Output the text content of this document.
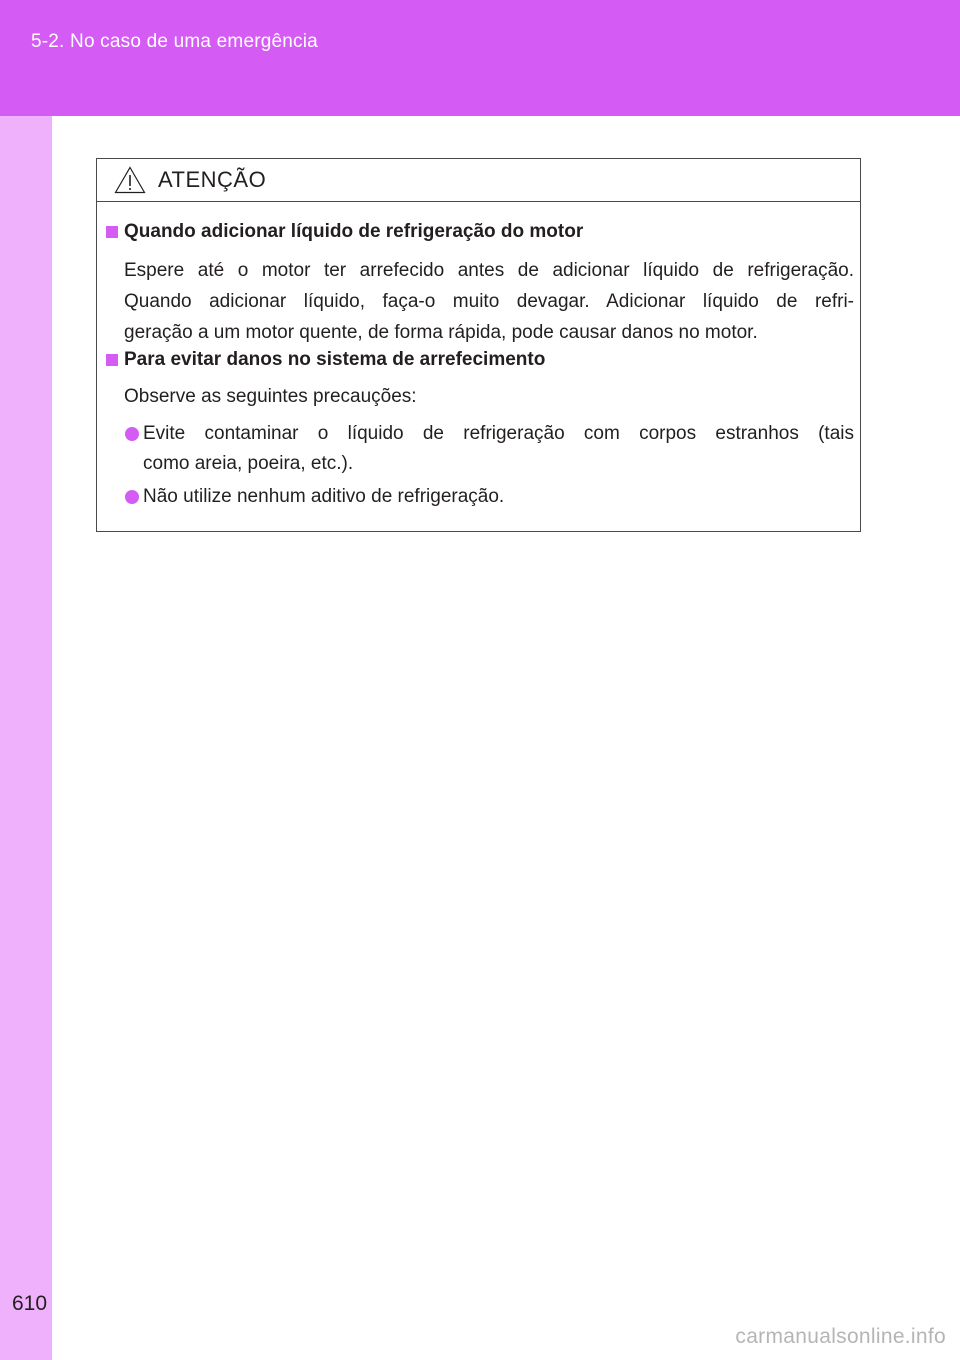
5-2. No caso de uma emergência
ATENÇÃO
Quando adicionar líquido de refrigeração do motor
Espere até o motor ter arrefecido antes de adicionar líquido de refrigeração.
Quando adicionar líquido, faça-o muito devagar. Adicionar líquido de refri-
geração a um motor quente, de forma rápida, pode causar danos no motor.
Para evitar danos no sistema de arrefecimento
Observe as seguintes precauções:
Evite contaminar o líquido de refrigeração com corpos estranhos (tais
como areia, poeira, etc.).
Não utilize nenhum aditivo de refrigeração.
610
carmanualsonline.info
